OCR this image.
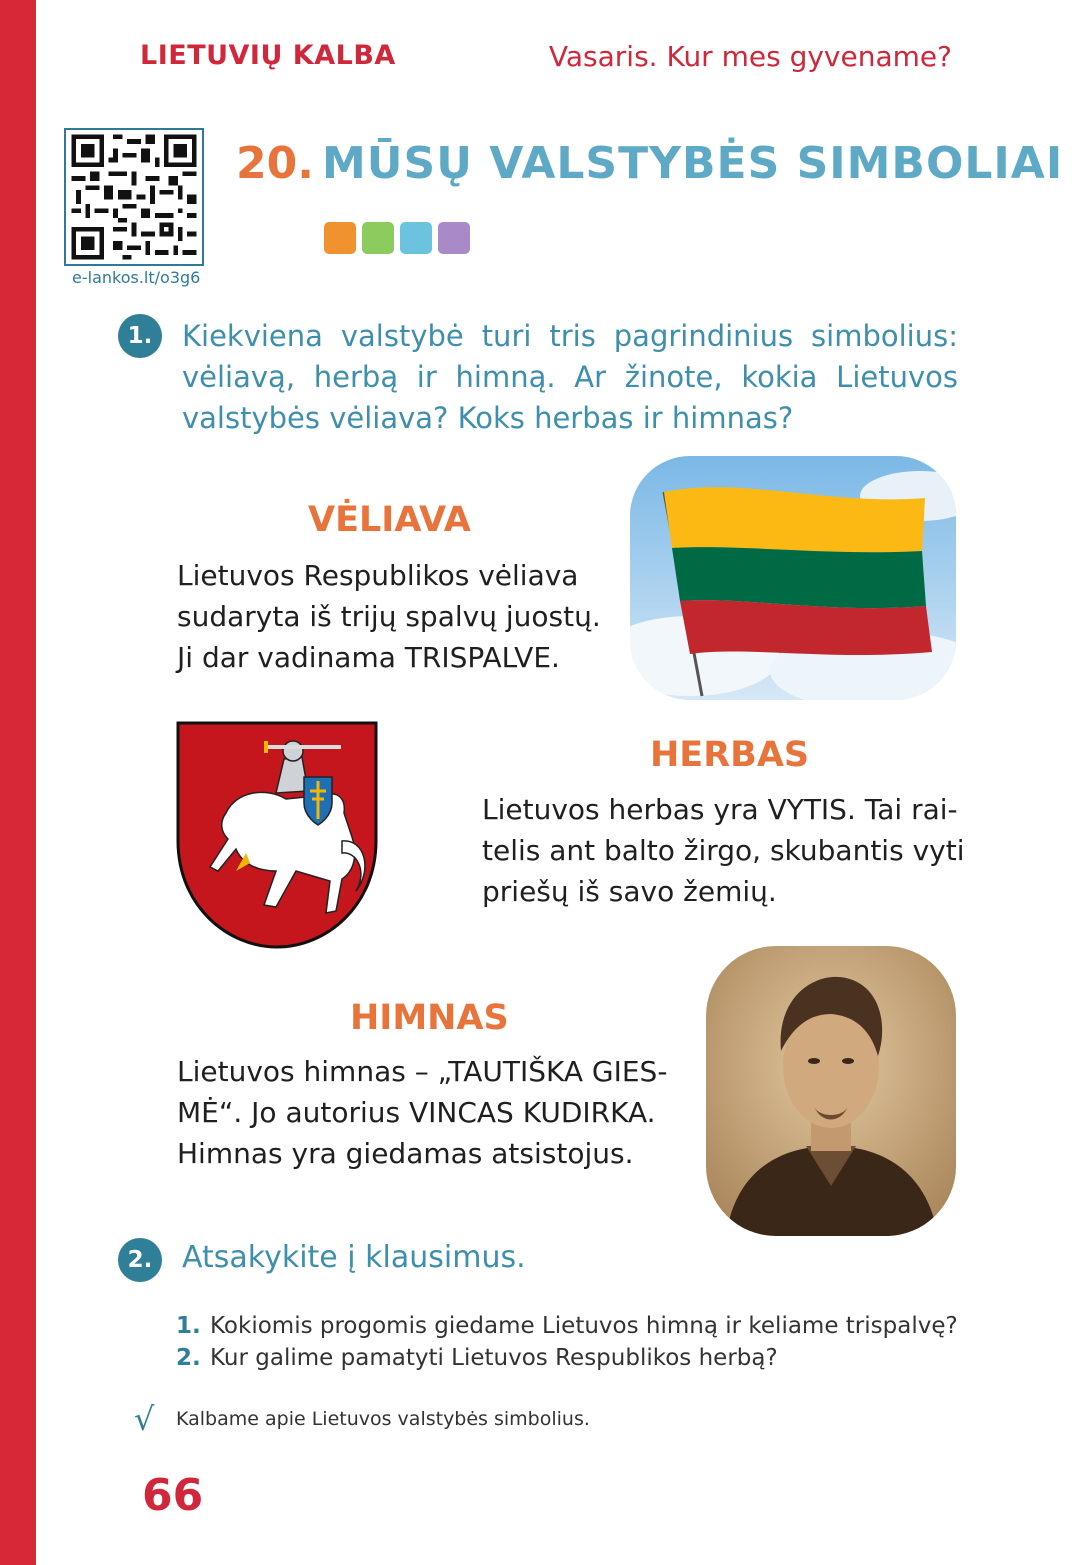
LIETUVIŲ KALBA	Vasaris. Kur mes gyvename?
e-lankos.lt/o3g6
20. MŪSŲ VALSTYBĖS SIMBOLIAI
1.	Kiekviena valstybė turi tris pagrindinius simbolius: vėliavą, herbą ir himną. Ar žinote, kokia Lietuvos valstybės vėliava? Koks herbas ir himnas?
VĖLIAVA
Lietuvos Respublikos vėliava
sudaryta iš trijų spalvų juostų.
Ji dar vadinama TRISPALVE.
HERBAS
Lietuvos herbas yra VYTIS. Tai rai-
telis ant balto žirgo, skubantis vyti
priešų iš savo žemių.
HIMNAS
Lietuvos himnas – „TAUTIŠKA GIES-
MĖ“. Jo autorius VINCAS KUDIRKA.
Himnas yra giedamas atsistojus.
2. Atsakykite į klausimus.
1. Kokiomis progomis giedame Lietuvos himną ir keliame trispalvę?
2. Kur galime pamatyti Lietuvos Respublikos herbą?
√ Kalbame apie Lietuvos valstybės simbolius.
66
